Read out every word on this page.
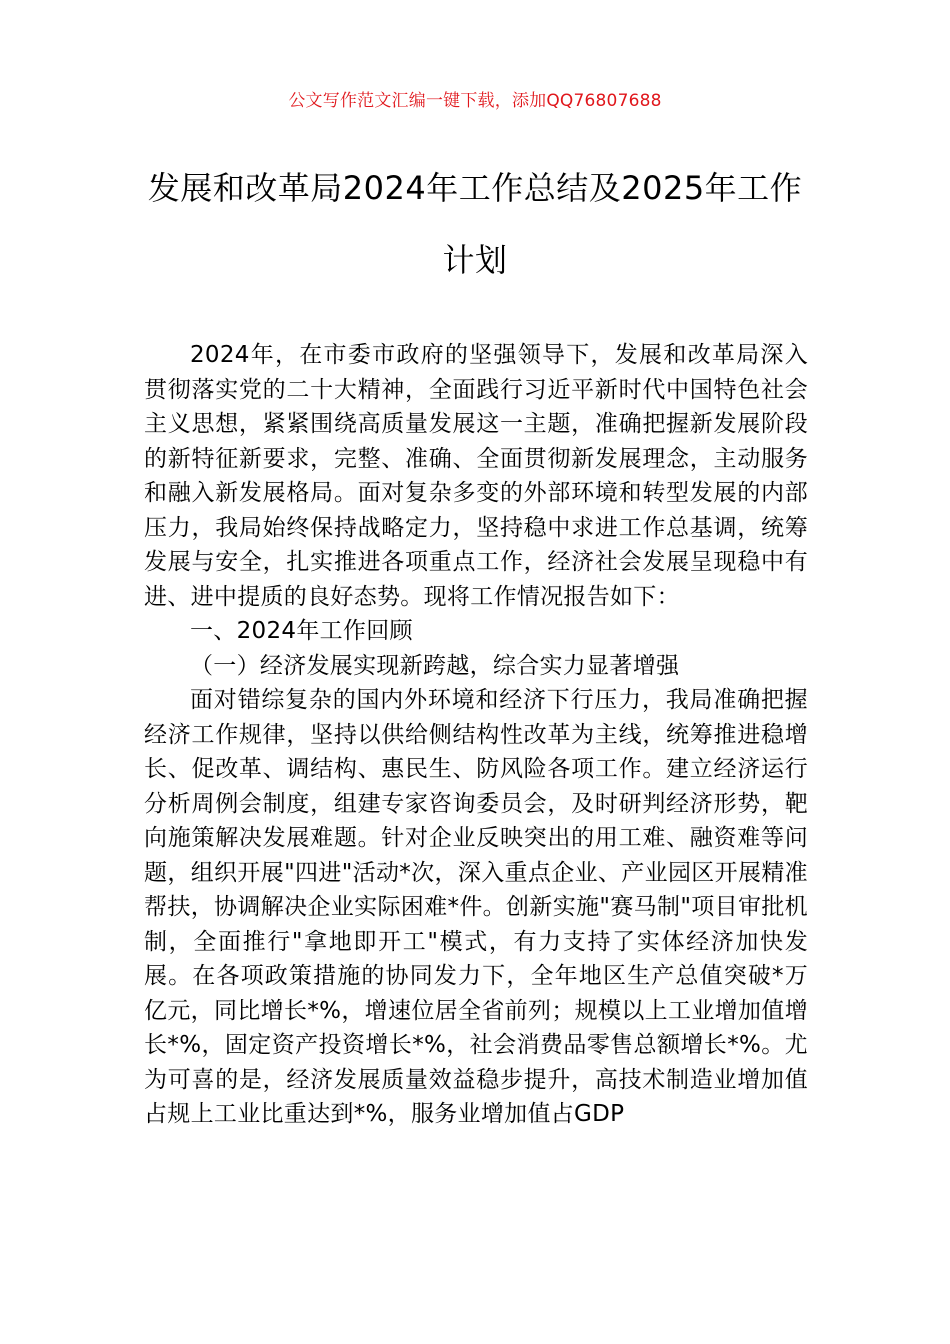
公文写作范文汇编一键下载，添加QQ76807688
发展和改革局2024年工作总结及2025年工作计划

2024年，在市委市政府的坚强领导下，发展和改革局深入贯彻落实党的二十大精神，全面践行习近平新时代中国特色社会主义思想，紧紧围绕高质量发展这一主题，准确把握新发展阶段的新特征新要求，完整、准确、全面贯彻新发展理念，主动服务和融入新发展格局。面对复杂多变的外部环境和转型发展的内部压力，我局始终保持战略定力，坚持稳中求进工作总基调，统筹发展与安全，扎实推进各项重点工作，经济社会发展呈现稳中有进、进中提质的良好态势。现将工作情况报告如下：

一、2024年工作回顾

（一）经济发展实现新跨越，综合实力显著增强

面对错综复杂的国内外环境和经济下行压力，我局准确把握经济工作规律，坚持以供给侧结构性改革为主线，统筹推进稳增长、促改革、调结构、惠民生、防风险各项工作。建立经济运行分析周例会制度，组建专家咨询委员会，及时研判经济形势，靶向施策解决发展难题。针对企业反映突出的用工难、融资难等问题，组织开展"四进"活动*次，深入重点企业、产业园区开展精准帮扶，协调解决企业实际困难*件。创新实施"赛马制"项目审批机制，全面推行"拿地即开工"模式，有力支持了实体经济加快发展。在各项政策措施的协同发力下，全年地区生产总值突破*万亿元，同比增长*%，增速位居全省前列；规模以上工业增加值增长*%，固定资产投资增长*%，社会消费品零售总额增长*%。尤为可喜的是，经济发展质量效益稳步提升，高技术制造业增加值占规上工业比重达到*%，服务业增加值占GDP
